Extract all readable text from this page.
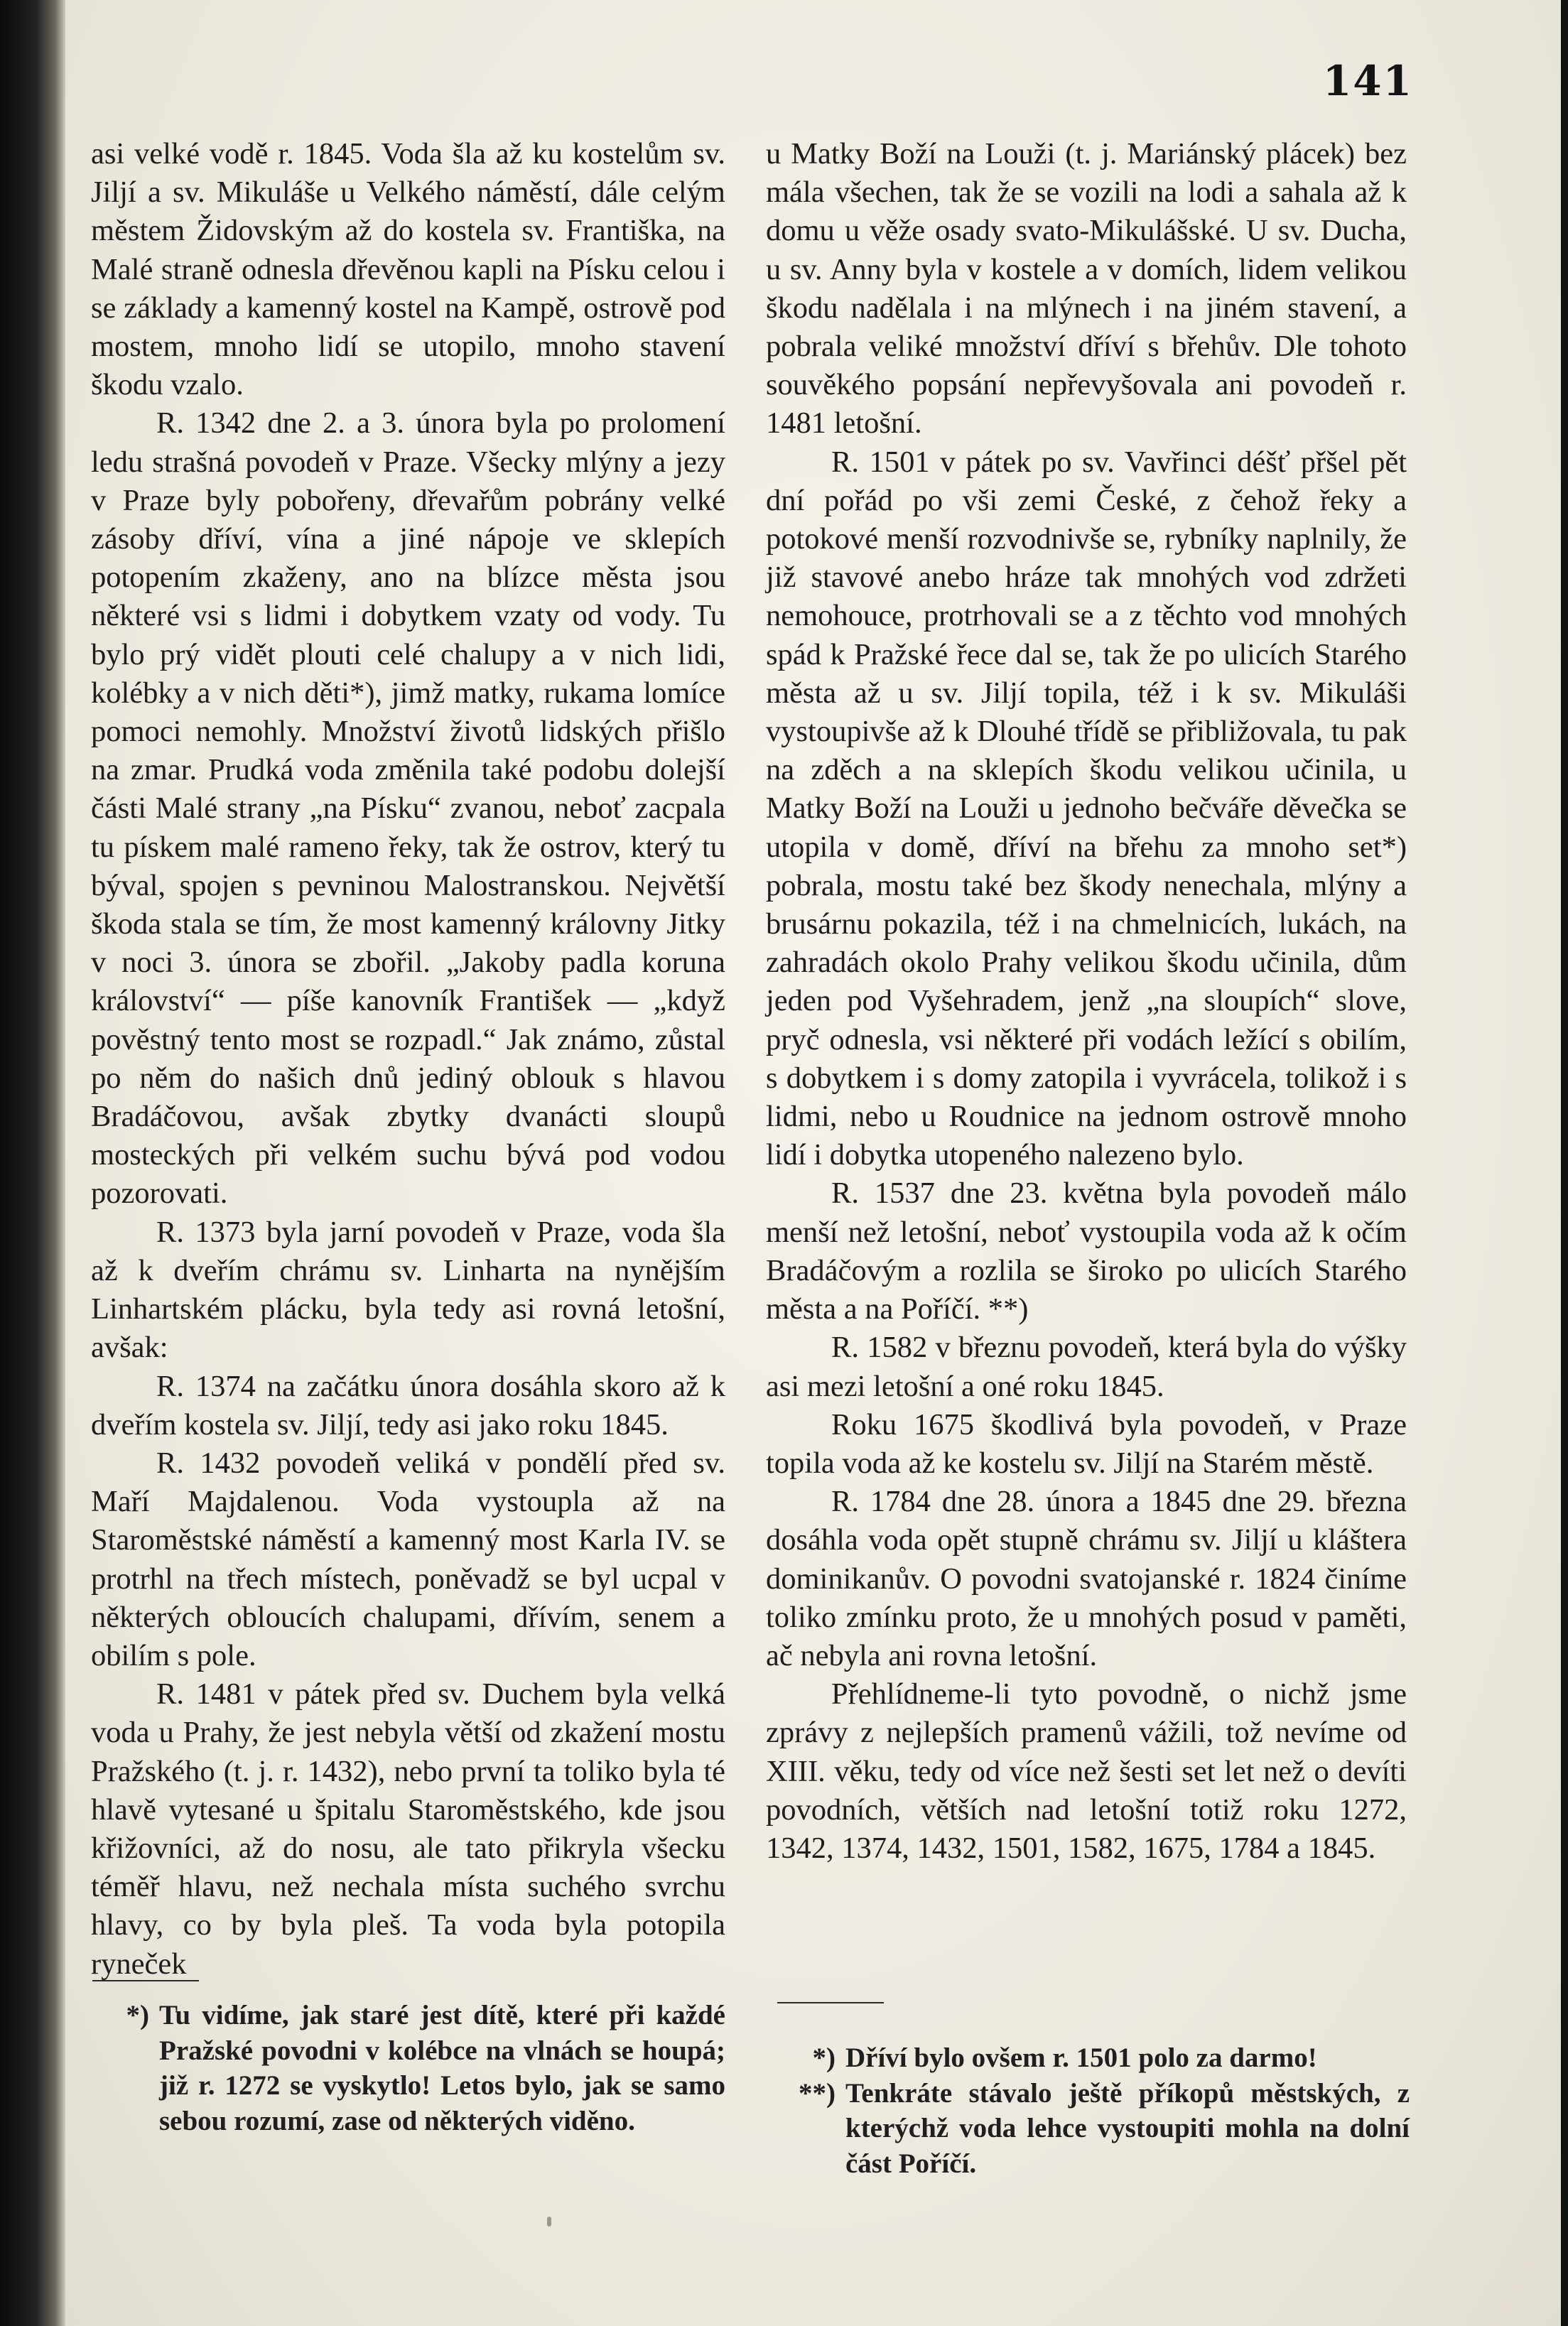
141

asi velké vodě r. 1845. Voda šla až ku kostelům sv. Jiljí a sv. Mikuláše u Velkého náměstí, dále celým městem Židovským až do kostela sv. Františka, na Malé straně odnesla dřevěnou kapli na Písku celou i se základy a kamenný kostel na Kampě, ostrově pod mostem, mnoho lidí se utopilo, mnoho stavení škodu vzalo.

R. 1342 dne 2. a 3. února byla po prolomení ledu strašná povodeň v Praze. Všecky mlýny a jezy v Praze byly pobořeny, dřevařům pobrány velké zásoby dříví, vína a jiné nápoje ve sklepích potopením zkaženy, ano na blízce města jsou některé vsi s lidmi i dobytkem vzaty od vody. Tu bylo prý vidět plouti celé chalupy a v nich lidi, kolébky a v nich děti*), jimž matky, rukama lomíce pomoci nemohly. Množství životů lidských přišlo na zmar. Prudká voda změnila také podobu dolejší části Malé strany „na Písku“ zvanou, neboť zacpala tu pískem malé rameno řeky, tak že ostrov, který tu býval, spojen s pevninou Malostranskou. Největší škoda stala se tím, že most kamenný královny Jitky v noci 3. února se zbořil. „Jakoby padla koruna království“ — píše kanovník František — „když pověstný tento most se rozpadl.“ Jak známo, zůstal po něm do našich dnů jediný oblouk s hlavou Bradáčovou, avšak zbytky dvanácti sloupů mosteckých při velkém suchu bývá pod vodou pozorovati.

R. 1373 byla jarní povodeň v Praze, voda šla až k dveřím chrámu sv. Linharta na nynějším Linhartském plácku, byla tedy asi rovná letošní, avšak:

R. 1374 na začátku února dosáhla skoro až k dveřím kostela sv. Jiljí, tedy asi jako roku 1845.

R. 1432 povodeň veliká v pondělí před sv. Maří Majdalenou. Voda vystoupla až na Staroměstské náměstí a kamenný most Karla IV. se protrhl na třech místech, poněvadž se byl ucpal v některých obloucích chalupami, dřívím, senem a obilím s pole.

R. 1481 v pátek před sv. Duchem byla velká voda u Prahy, že jest nebyla větší od zkažení mostu Pražského (t. j. r. 1432), nebo první ta toliko byla té hlavě vytesané u špitalu Staroměstského, kde jsou křižovníci, až do nosu, ale tato přikryla všecku téměř hlavu, než nechala místa suchého svrchu hlavy, co by byla pleš. Ta voda byla potopila ryneček

u Matky Boží na Louži (t. j. Mariánský plácek) bez mála všechen, tak že se vozili na lodi a sahala až k domu u věže osady svato-Mikulášské. U sv. Ducha, u sv. Anny byla v kostele a v domích, lidem velikou škodu nadělala i na mlýnech i na jiném stavení, a pobrala veliké množství dříví s břehův. Dle tohoto souvěkého popsání nepřevyšovala ani povodeň r. 1481 letošní.

R. 1501 v pátek po sv. Vavřinci déšť přšel pět dní pořád po vši zemi České, z čehož řeky a potokové menší rozvodnivše se, rybníky naplnily, že již stavové anebo hráze tak mnohých vod zdržeti nemohouce, protrhovali se a z těchto vod mnohých spád k Pražské řece dal se, tak že po ulicích Starého města až u sv. Jiljí topila, též i k sv. Mikuláši vystoupivše až k Dlouhé třídě se přibližovala, tu pak na zděch a na sklepích škodu velikou učinila, u Matky Boží na Louži u jednoho bečváře děvečka se utopila v domě, dříví na břehu za mnoho set*) pobrala, mostu také bez škody nenechala, mlýny a brusárnu pokazila, též i na chmelnicích, lukách, na zahradách okolo Prahy velikou škodu učinila, dům jeden pod Vyšehradem, jenž „na sloupích“ slove, pryč odnesla, vsi některé při vodách ležící s obilím, s dobytkem i s domy zatopila i vyvrácela, tolikož i s lidmi, nebo u Roudnice na jednom ostrově mnoho lidí i dobytka utopeného nalezeno bylo.

R. 1537 dne 23. května byla povodeň málo menší než letošní, neboť vystoupila voda až k očím Bradáčovým a rozlila se široko po ulicích Starého města a na Poříčí. **)

R. 1582 v březnu povodeň, která byla do výšky asi mezi letošní a oné roku 1845.

Roku 1675 škodlivá byla povodeň, v Praze topila voda až ke kostelu sv. Jiljí na Starém městě.

R. 1784 dne 28. února a 1845 dne 29. března dosáhla voda opět stupně chrámu sv. Jiljí u kláštera dominikanův. O povodni svatojanské r. 1824 činíme toliko zmínku proto, že u mnohých posud v paměti, ač nebyla ani rovna letošní.

Přehlídneme-li tyto povodně, o nichž jsme zprávy z nejlepších pramenů vážili, tož nevíme od XIII. věku, tedy od více než šesti set let než o devíti povodních, větších nad letošní totiž roku 1272, 1342, 1374, 1432, 1501, 1582, 1675, 1784 a 1845.

*) Tu vidíme, jak staré jest dítě, které při každé Pražské povodni v kolébce na vlnách se houpá; již r. 1272 se vyskytlo! Letos bylo, jak se samo sebou rozumí, zase od některých viděno.
*) Dříví bylo ovšem r. 1501 polo za darmo!
**) Tenkráte stávalo ještě příkopů městských, z kterýchž voda lehce vystoupiti mohla na dolní část Poříčí.
